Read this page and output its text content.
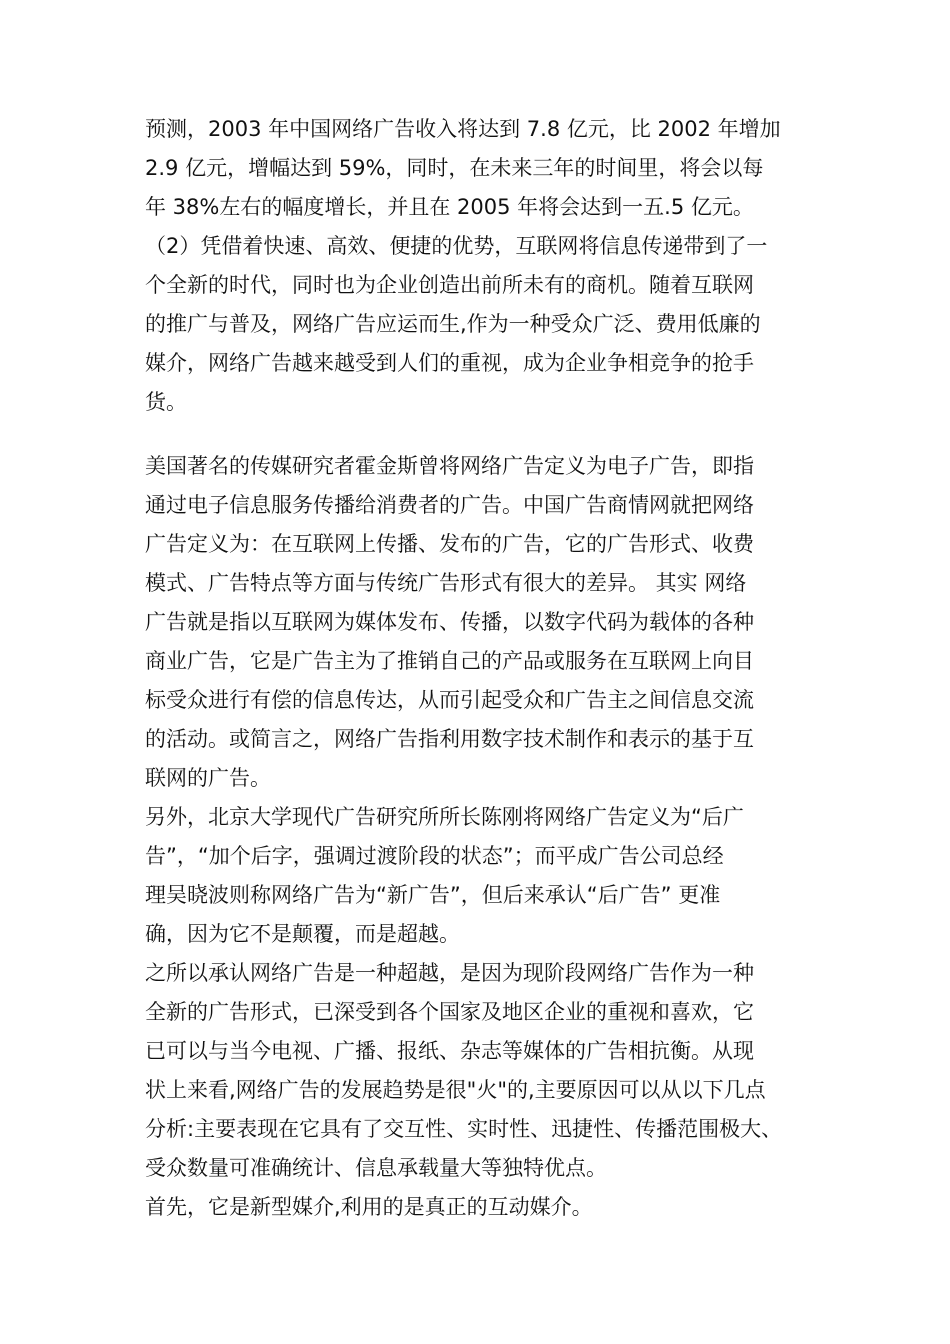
预测，2003 年中国网络广告收入将达到 7.8 亿元，比 2002 年增加
2.9 亿元，增幅达到 59%，同时，在未来三年的时间里，将会以每
年 38%左右的幅度增长，并且在 2005 年将会达到一五.5 亿元。
（2）凭借着快速、高效、便捷的优势，互联网将信息传递带到了一
个全新的时代，同时也为企业创造出前所未有的商机。随着互联网
的推广与普及，网络广告应运而生,作为一种受众广泛、费用低廉的
媒介，网络广告越来越受到人们的重视，成为企业争相竞争的抢手
货。
美国著名的传媒研究者霍金斯曾将网络广告定义为电子广告，即指
通过电子信息服务传播给消费者的广告。中国广告商情网就把网络
广告定义为：在互联网上传播、发布的广告，它的广告形式、收费
模式、广告特点等方面与传统广告形式有很大的差异。 其实 网络
广告就是指以互联网为媒体发布、传播，以数字代码为载体的各种
商业广告，它是广告主为了推销自己的产品或服务在互联网上向目
标受众进行有偿的信息传达，从而引起受众和广告主之间信息交流
的活动。或简言之，网络广告指利用数字技术制作和表示的基于互
联网的广告。
另外，北京大学现代广告研究所所长陈刚将网络广告定义为“后广
告”，“加个后字，强调过渡阶段的状态”；而平成广告公司总经
理吴晓波则称网络广告为“新广告”，但后来承认“后广告” 更准
确，因为它不是颠覆，而是超越。
之所以承认网络广告是一种超越，是因为现阶段网络广告作为一种
全新的广告形式，已深受到各个国家及地区企业的重视和喜欢，它
已可以与当今电视、广播、报纸、杂志等媒体的广告相抗衡。从现
状上来看,网络广告的发展趋势是很"火"的,主要原因可以从以下几点
分析:主要表现在它具有了交互性、实时性、迅捷性、传播范围极大、
受众数量可准确统计、信息承载量大等独特优点。
首先，它是新型媒介,利用的是真正的互动媒介。
